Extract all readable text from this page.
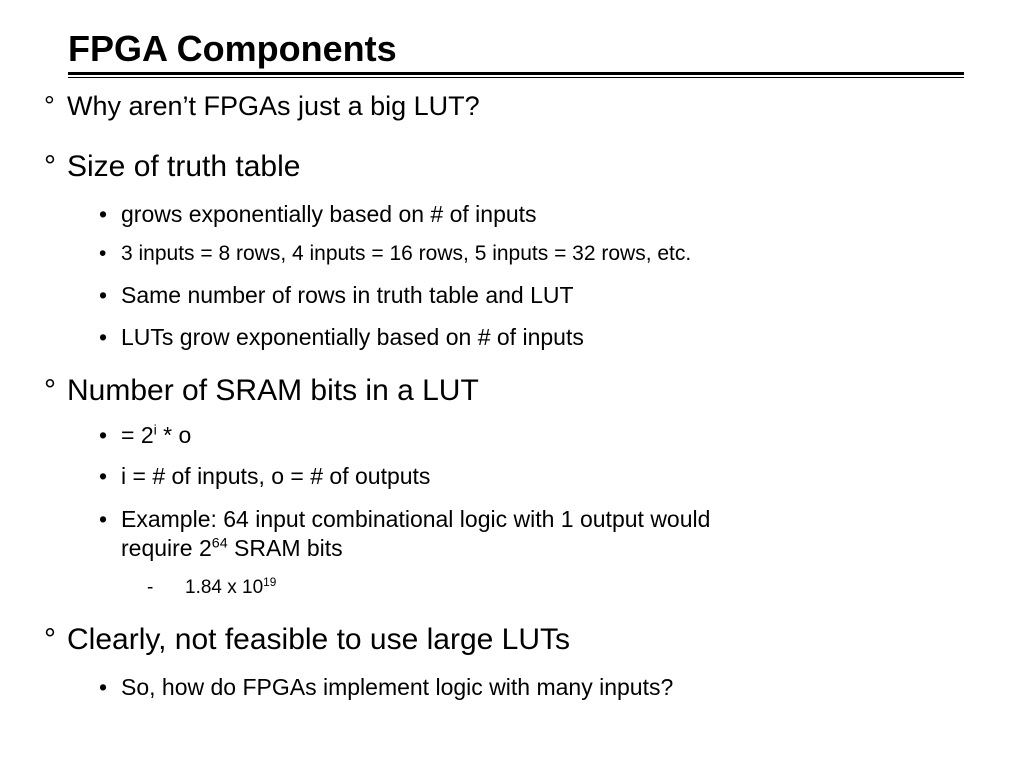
FPGA Components
° Why aren’t FPGAs just a big LUT?
° Size of truth table
• grows exponentially based on # of inputs
• 3 inputs = 8 rows, 4 inputs = 16 rows, 5 inputs = 32 rows, etc.
• Same number of rows in truth table and LUT
• LUTs grow exponentially based on # of inputs
° Number of SRAM bits in a LUT
• = $2^i$ * o
• i = # of inputs, o = # of outputs
• Example: 64 input combinational logic with 1 output would
require $2^{64}$ SRAM bits
- 1.84 x $10^{19}$
° Clearly, not feasible to use large LUTs
• So, how do FPGAs implement logic with many inputs?
